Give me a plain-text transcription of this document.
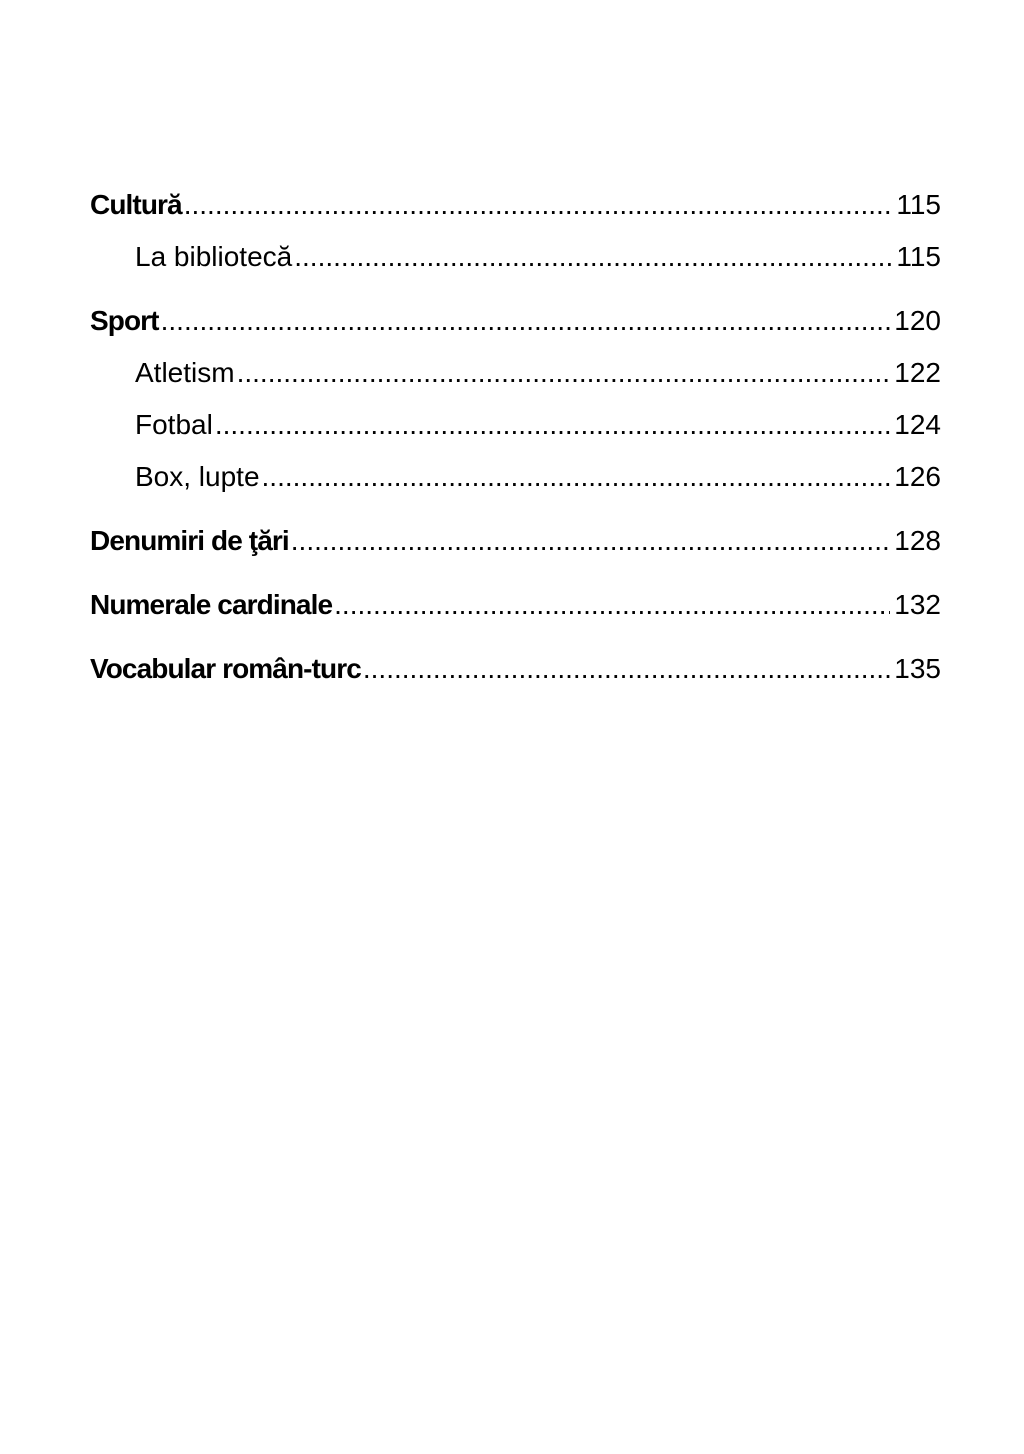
Cultură .....	115
La bibliotecă .....	115
Sport .....	120
Atletism .....	122
Fotbal .....	124
Box, lupte .....	126
Denumiri de ţări .....	128
Numerale cardinale .....	132
Vocabular român-turc .....	135
